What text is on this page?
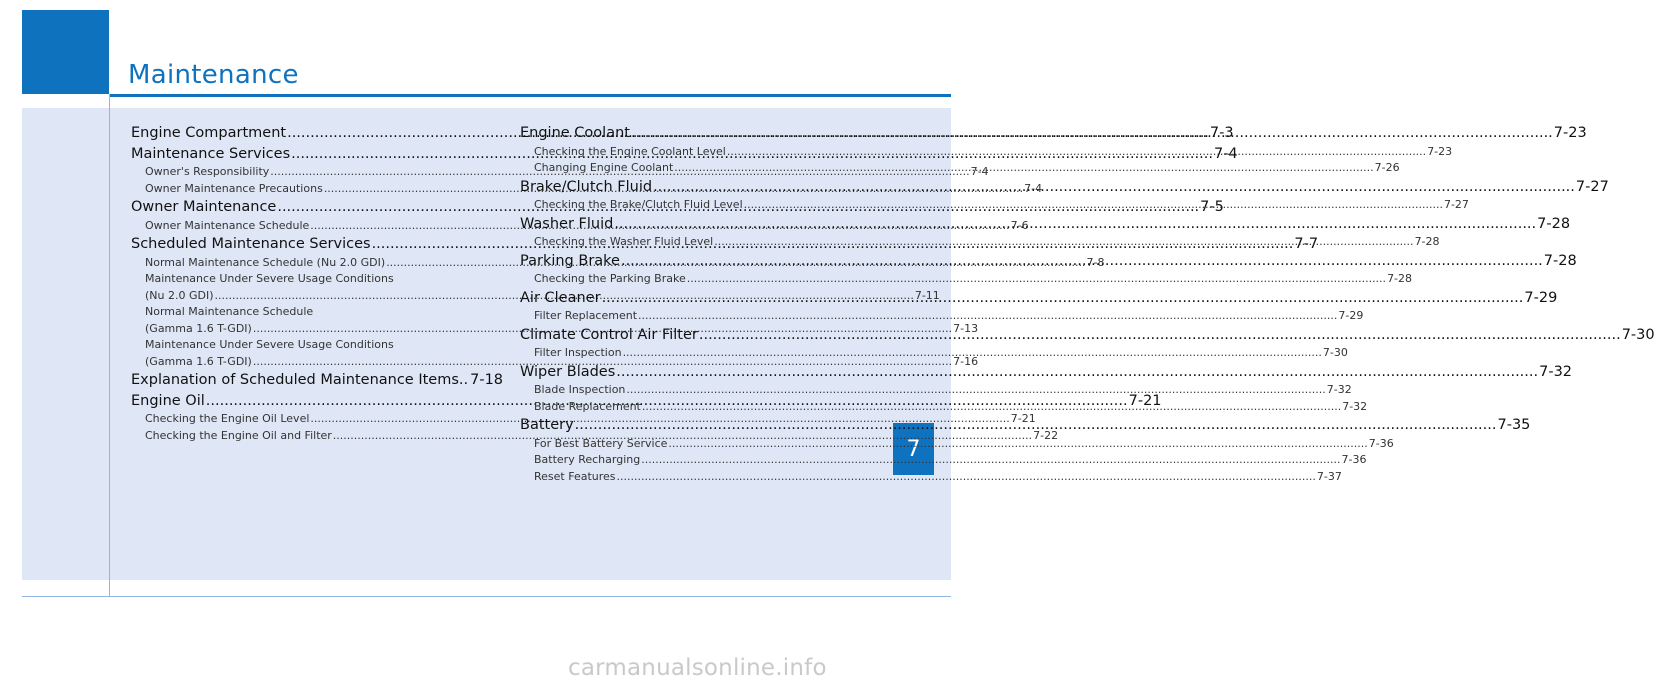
Maintenance
7
Engine Compartment .....	7-3
Maintenance Services .....	7-4
Owner's Responsibility .....	7-4
Owner Maintenance Precautions .....	7-4
Owner Maintenance .....	7-5
Owner Maintenance Schedule .....	7-6
Scheduled Maintenance Services .....	7-7
Normal Maintenance Schedule (Nu 2.0 GDI) .....	7-8
Maintenance Under Severe Usage Conditions
(Nu 2.0 GDI) .....	7-11
Normal Maintenance Schedule
(Gamma 1.6 T-GDI) .....	7-13
Maintenance Under Severe Usage Conditions
(Gamma 1.6 T-GDI) .....	7-16
Explanation of Scheduled Maintenance Items.. 7-18
Engine Oil .....	7-21
Checking the Engine Oil Level .....	7-21
Checking the Engine Oil and Filter .....	7-22
Engine Coolant .....	7-23
Checking the Engine Coolant Level .....	7-23
Changing Engine Coolant .....	7-26
Brake/Clutch Fluid .....	7-27
Checking the Brake/Clutch Fluid Level .....	7-27
Washer Fluid .....	7-28
Checking the Washer Fluid Level .....	7-28
Parking Brake .....	7-28
Checking the Parking Brake .....	7-28
Air Cleaner .....	7-29
Filter Replacement .....	7-29
Climate Control Air Filter .....	7-30
Filter Inspection .....	7-30
Wiper Blades .....	7-32
Blade Inspection .....	7-32
Blade Replacement .....	7-32
Battery .....	7-35
For Best Battery Service .....	7-36
Battery Recharging .....	7-36
Reset Features .....	7-37
carmanualsonline.info
